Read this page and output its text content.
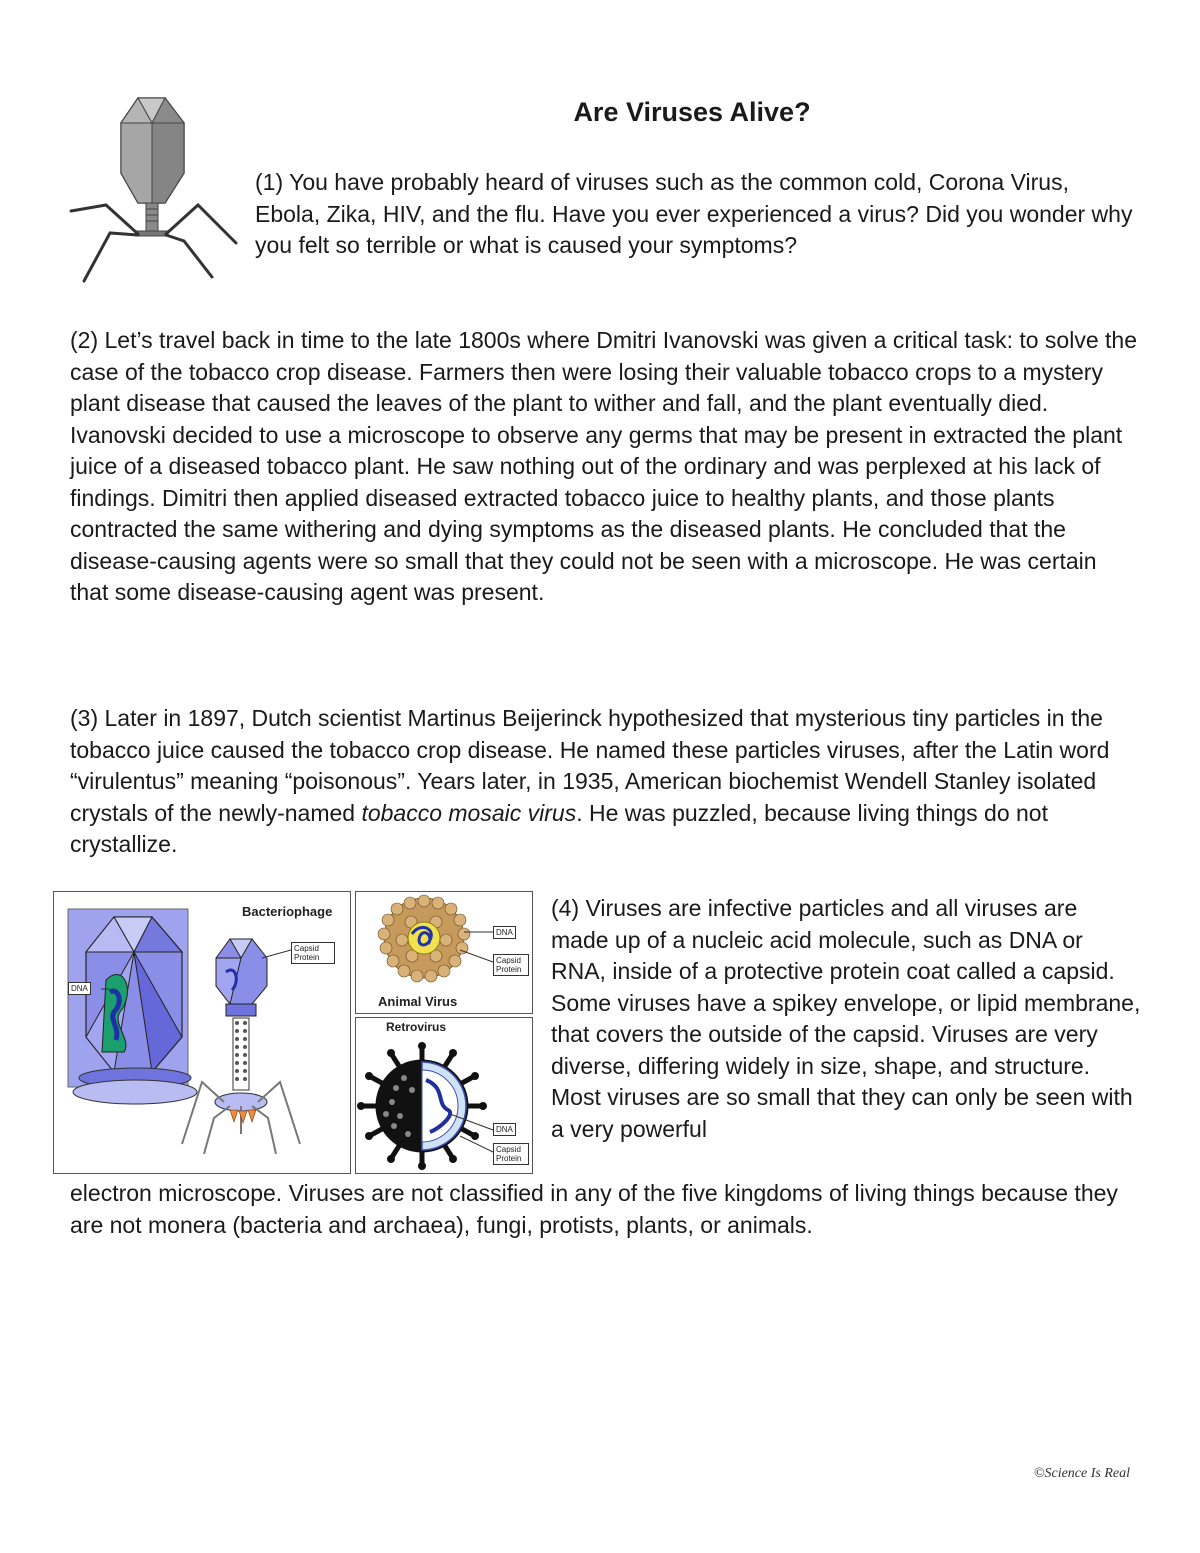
Are Viruses Alive?

(1) You have probably heard of viruses such as the common cold, Corona Virus, Ebola, Zika, HIV, and the flu. Have you ever experienced a virus? Did you wonder why you felt so terrible or what is caused your symptoms?

(2) Let’s travel back in time to the late 1800s where Dmitri Ivanovski was given a critical task: to solve the case of the tobacco crop disease. Farmers then were losing their valuable tobacco crops to a mystery plant disease that caused the leaves of the plant to wither and fall, and the plant eventually died. Ivanovski decided to use a microscope to observe any germs that may be present in extracted the plant juice of a diseased tobacco plant. He saw nothing out of the ordinary and was perplexed at his lack of findings. Dimitri then applied diseased extracted tobacco juice to healthy plants, and those plants contracted the same withering and dying symptoms as the diseased plants. He concluded that the disease-causing agents were so small that they could not be seen with a microscope. He was certain that some disease-causing agent was present.

(3) Later in 1897, Dutch scientist Martinus Beijerinck hypothesized that mysterious tiny particles in the tobacco juice caused the tobacco crop disease. He named these particles viruses, after the Latin word “virulentus” meaning “poisonous”. Years later, in 1935, American biochemist Wendell Stanley isolated crystals of the newly-named tobacco mosaic virus. He was puzzled, because living things do not crystallize.

Bacteriophage
Capsid Protein
DNA
DNA
Capsid Protein
Animal Virus
Retrovirus
DNA
Capsid Protein

(4) Viruses are infective particles and all viruses are made up of a nucleic acid molecule, such as DNA or RNA, inside of a protective protein coat called a capsid. Some viruses have a spikey envelope, or lipid membrane, that covers the outside of the capsid. Viruses are very diverse, differing widely in size, shape, and structure. Most viruses are so small that they can only be seen with a very powerful

electron microscope. Viruses are not classified in any of the five kingdoms of living things because they are not monera (bacteria and archaea), fungi, protists, plants, or animals.

©Science Is Real
